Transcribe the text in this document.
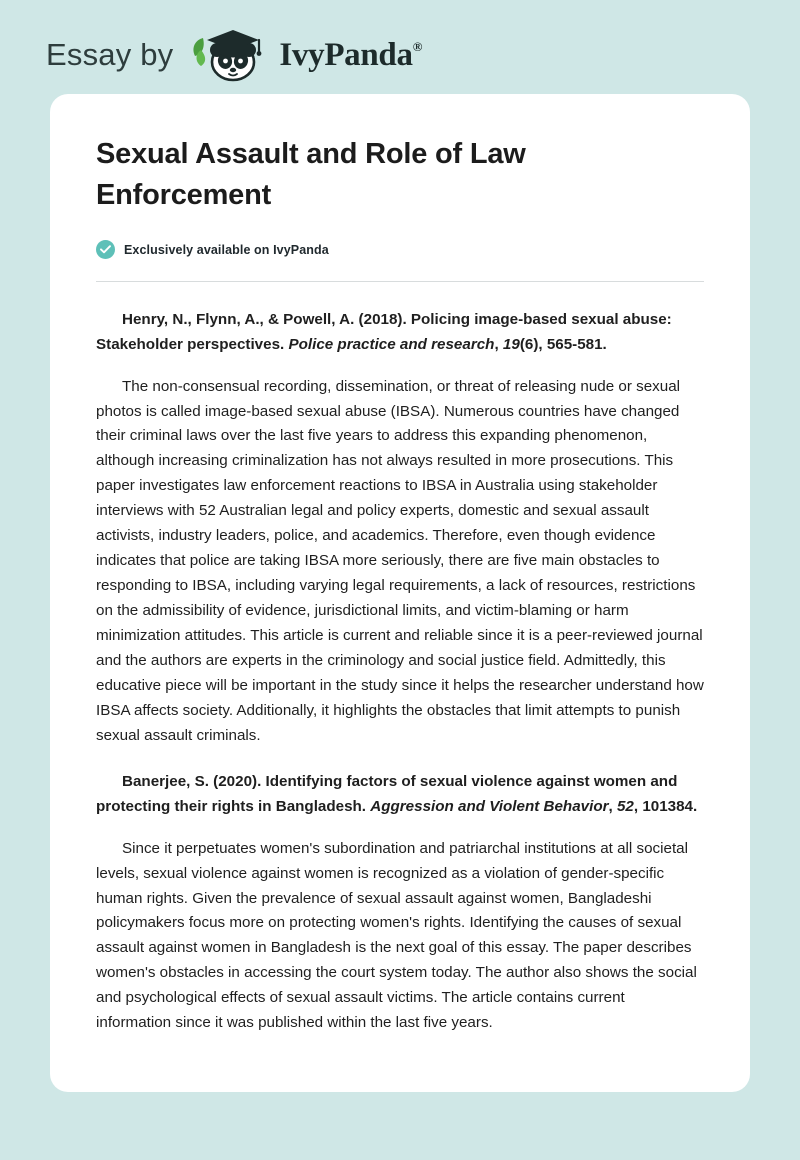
Essay by	IvyPanda®
Sexual Assault and Role of Law Enforcement
Exclusively available on IvyPanda

Henry, N., Flynn, A., & Powell, A. (2018). Policing image-based sexual abuse: Stakeholder perspectives. Police practice and research, 19(6), 565-581.

The non-consensual recording, dissemination, or threat of releasing nude or sexual photos is called image-based sexual abuse (IBSA). Numerous countries have changed their criminal laws over the last five years to address this expanding phenomenon, although increasing criminalization has not always resulted in more prosecutions. This paper investigates law enforcement reactions to IBSA in Australia using stakeholder interviews with 52 Australian legal and policy experts, domestic and sexual assault activists, industry leaders, police, and academics. Therefore, even though evidence indicates that police are taking IBSA more seriously, there are five main obstacles to responding to IBSA, including varying legal requirements, a lack of resources, restrictions on the admissibility of evidence, jurisdictional limits, and victim-blaming or harm minimization attitudes. This article is current and reliable since it is a peer-reviewed journal and the authors are experts in the criminology and social justice field. Admittedly, this educative piece will be important in the study since it helps the researcher understand how IBSA affects society. Additionally, it highlights the obstacles that limit attempts to punish sexual assault criminals.

Banerjee, S. (2020). Identifying factors of sexual violence against women and protecting their rights in Bangladesh. Aggression and Violent Behavior, 52, 101384.

Since it perpetuates women's subordination and patriarchal institutions at all societal levels, sexual violence against women is recognized as a violation of gender-specific human rights. Given the prevalence of sexual assault against women, Bangladeshi policymakers focus more on protecting women's rights. Identifying the causes of sexual assault against women in Bangladesh is the next goal of this essay. The paper describes women's obstacles in accessing the court system today. The author also shows the social and psychological effects of sexual assault victims. The article contains current information since it was published within the last five years.
